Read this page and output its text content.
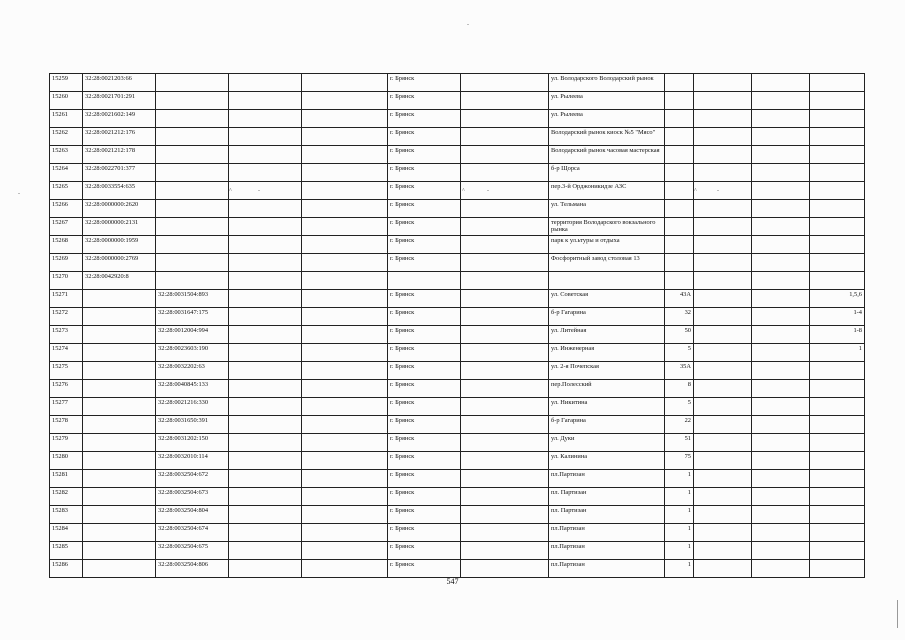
15259	32:28:0021203:66				г. Брянск		ул. Володарского Володарский рынок				
15260	32:28:0021701:291				г. Брянск		ул. Рылеева				
15261	32:28:0021602:149				г. Брянск		ул. Рылеева				
15262	32:28:0021212:176				г. Брянск		Володарский рынок киоск №5 "Мясо"				
15263	32:28:0021212:178				г. Брянск		Володарский рынок часовая мастерская				
15264	32:28:0022701:377				г. Брянск		б-р Щорса				
15265	32:28:0033554:635				г. Брянск		пер.3-й Орджоникидзе АЗС				
15266	32:28:0000000:2620				г. Брянск		ул. Тельмана				
15267	32:28:0000000:2131				г. Брянск		территория Володарского вокзального рынка				
15268	32:28:0000000:1959				г. Брянск		парк к ул.ьтуры и отдыха				
15269	32:28:0000000:2769				г. Брянск		Фосфоритный завод столовая 13				
15270	32:28:0042920:8										
15271		32:28:0031504:893			г. Брянск		ул. Советская	43А			1,5,6
15272		32:28:0031647:175			г. Брянск		б-р Гагарина	32			1-4
15273		32:28:0012004:994			г. Брянск		ул. Литейная	50			1-8
15274		32:28:0023603:190			г. Брянск		ул. Инженерная	5			1
15275		32:28:0032202:63			г. Брянск		ул. 2-я Почепская	35А			
15276		32:28:0040845:133			г. Брянск		пер.Полесский	8			
15277		32:28:0021216:330			г. Брянск		ул. Никитина	5			
15278		32:28:0031650:391			г. Брянск		б-р Гагарина	22			
15279		32:28:0031202:150			г. Брянск		ул. Дуки	51			
15280		32:28:0032010:114			г. Брянск		ул. Калинина	75			
15281		32:28:0032504:672			г. Брянск		пл.Партизан	1			
15282		32:28:0032504:673			г. Брянск		пл. Партизан	1			
15283		32:28:0032504:804			г. Брянск		пл. Партизан	1			
15284		32:28:0032504:674			г. Брянск		пл.Партизан	1			
15285		32:28:0032504:675			г. Брянск		пл.Партизан	1			
15286		32:28:0032504:806			г. Брянск		пл.Партизан	1			
-	^	-	^	-	^	-
-
547
